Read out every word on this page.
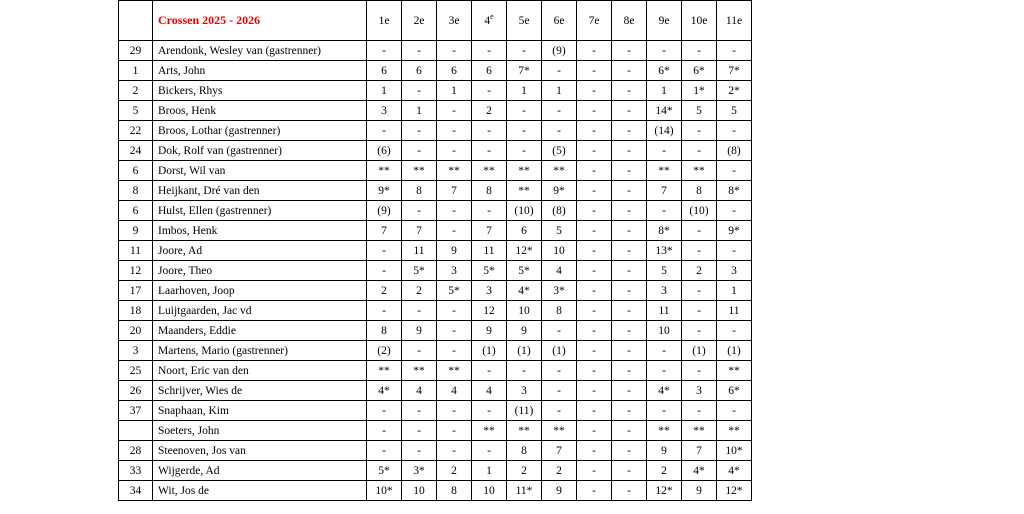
	Crossen 2025 - 2026	1e	2e	3e	4e	5e	6e	7e	8e	9e	10e	11e
29	Arendonk, Wesley van (gastrenner)	-	-	-	-	-	(9)	-	-	-	-	-
1	Arts, John	6	6	6	6	7*	-	-	-	6*	6*	7*
2	Bickers, Rhys	1	-	1	-	1	1	-	-	1	1*	2*
5	Broos, Henk	3	1	-	2	-	-	-	-	14*	5	5
22	Broos, Lothar (gastrenner)	-	-	-	-	-	-	-	-	(14)	-	-
24	Dok, Rolf van (gastrenner)	(6)	-	-	-	-	(5)	-	-	-	-	(8)
6	Dorst, Wil van	**	**	**	**	**	**	-	-	**	**	-
8	Heijkant, Dré van den	9*	8	7	8	**	9*	-	-	7	8	8*
6	Hulst, Ellen (gastrenner)	(9)	-	-	-	(10)	(8)	-	-	-	(10)	-
9	Imbos, Henk	7	7	-	7	6	5	-	-	8*	-	9*
11	Joore, Ad	-	11	9	11	12*	10	-	-	13*	-	-
12	Joore, Theo	-	5*	3	5*	5*	4	-	-	5	2	3
17	Laarhoven, Joop	2	2	5*	3	4*	3*	-	-	3	-	1
18	Luijtgaarden, Jac vd	-	-	-	12	10	8	-	-	11	-	11
20	Maanders, Eddie	8	9	-	9	9	-	-	-	10	-	-
3	Martens, Mario (gastrenner)	(2)	-	-	(1)	(1)	(1)	-	-	-	(1)	(1)
25	Noort, Eric van den	**	**	**	-	-	-	-	-	-	-	**
26	Schrijver, Wies de	4*	4	4	4	3	-	-	-	4*	3	6*
37	Snaphaan, Kim	-	-	-	-	(11)	-	-	-	-	-	-
	Soeters, John	-	-	-	**	**	**	-	-	**	**	**
28	Steenoven, Jos van	-	-	-	-	8	7	-	-	9	7	10*
33	Wijgerde, Ad	5*	3*	2	1	2	2	-	-	2	4*	4*
34	Wit, Jos de	10*	10	8	10	11*	9	-	-	12*	9	12*
